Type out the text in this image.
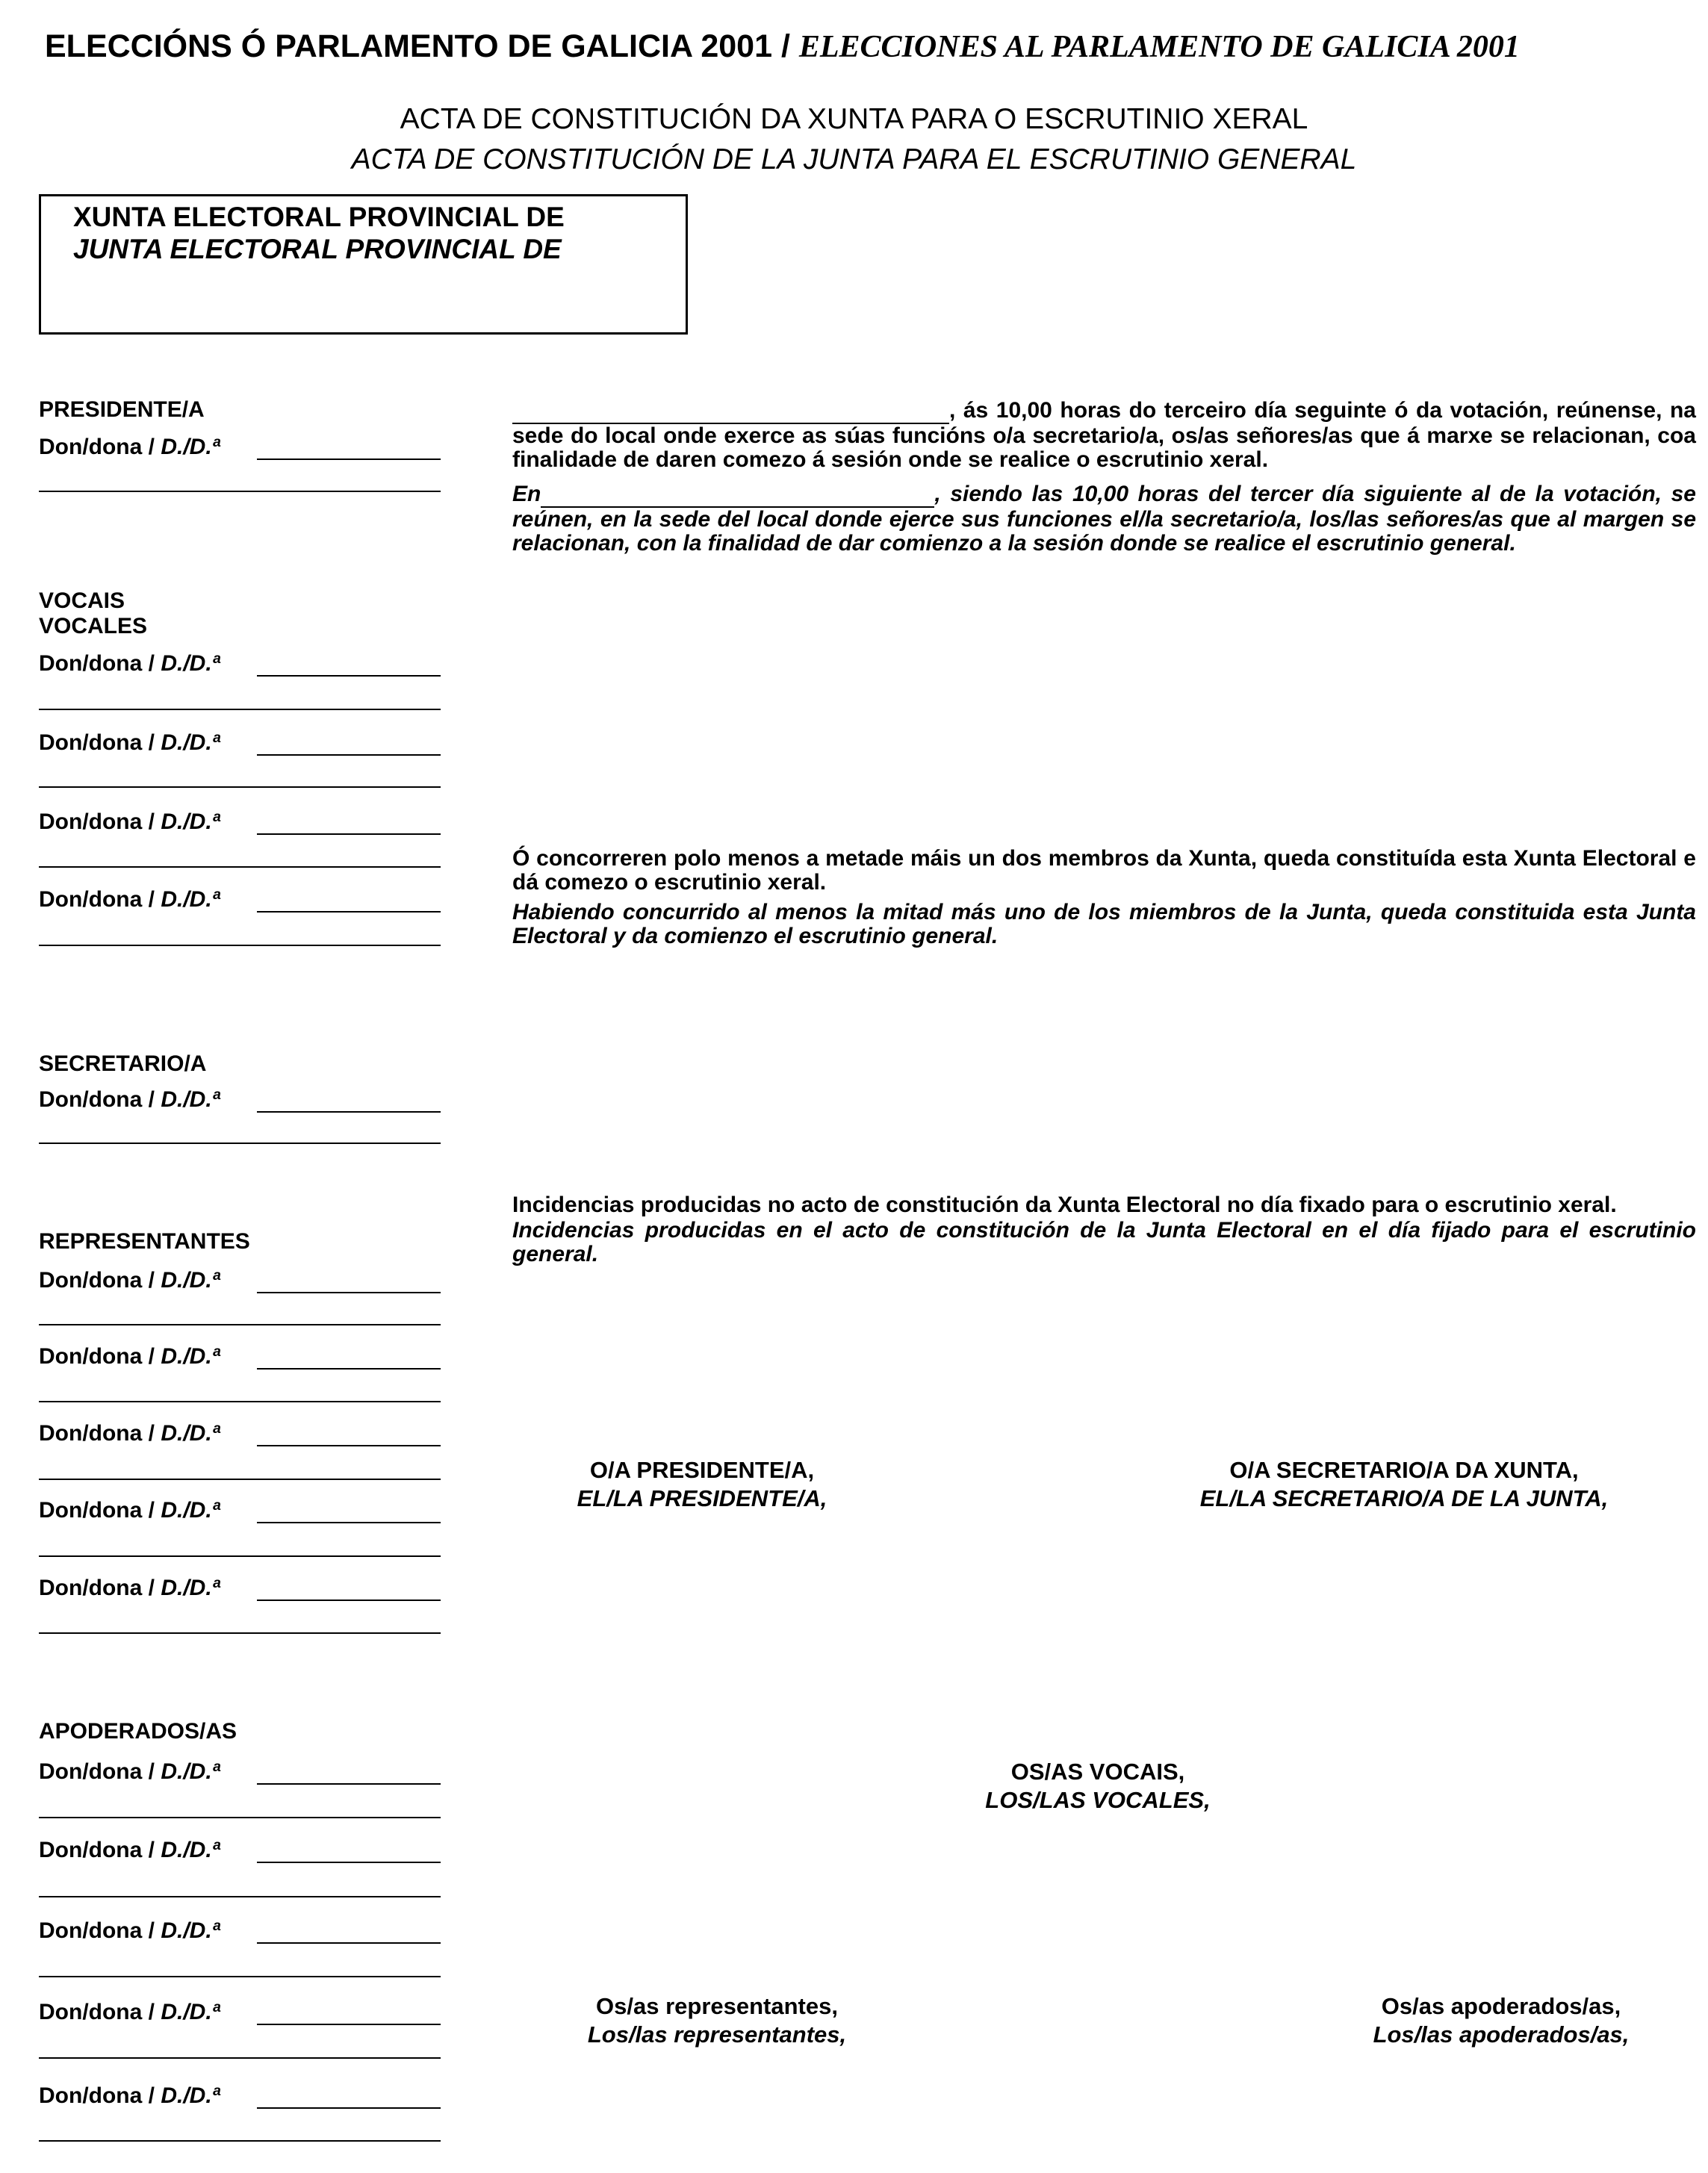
ELECCIÓNS Ó PARLAMENTO DE GALICIA 2001 / ELECCIONES AL PARLAMENTO DE GALICIA 2001
ACTA DE CONSTITUCIÓN DA XUNTA PARA O ESCRUTINIO XERAL
ACTA DE CONSTITUCIÓN DE LA JUNTA PARA EL ESCRUTINIO GENERAL
XUNTA ELECTORAL PROVINCIAL DE
JUNTA ELECTORAL PROVINCIAL DE
PRESIDENTE/A
VOCAIS
VOCALES
SECRETARIO/A
REPRESENTANTES
APODERADOS/AS
Don/dona / D./D.ª
Don/dona / D./D.ª
Don/dona / D./D.ª
Don/dona / D./D.ª
Don/dona / D./D.ª
Don/dona / D./D.ª
Don/dona / D./D.ª
Don/dona / D./D.ª
Don/dona / D./D.ª
Don/dona / D./D.ª
Don/dona / D./D.ª
Don/dona / D./D.ª
Don/dona / D./D.ª
Don/dona / D./D.ª
Don/dona / D./D.ª
Don/dona / D./D.ª
, ás 10,00 horas do terceiro día seguinte ó da votación, reúnense, na sede do local onde exerce as súas funcións o/a secretario/a, os/as señores/as que á marxe se relacionan, coa finalidade de daren comezo á sesión onde se realice o escrutinio xeral.
En	, siendo las 10,00 horas del tercer día siguiente al de la votación, se reúnen, en la sede del local donde ejerce sus funciones el/la secretario/a, los/las señores/as que al margen se relacionan, con la finalidad de dar comienzo a la sesión donde se realice el escrutinio general.
Ó concorreren polo menos a metade máis un dos membros da Xunta, queda constituída esta Xunta Electoral e dá comezo o escrutinio xeral.
Habiendo concurrido al menos la mitad más uno de los miembros de la Junta, queda constituida esta Junta Electoral y da comienzo el escrutinio general.
Incidencias producidas no acto de constitución da Xunta Electoral no día fixado para o escrutinio xeral.
Incidencias producidas en el acto de constitución de la Junta Electoral en el día fijado para el escrutinio general.
O/A PRESIDENTE/A,
EL/LA PRESIDENTE/A,
O/A SECRETARIO/A DA XUNTA,
EL/LA SECRETARIO/A DE LA JUNTA,
OS/AS VOCAIS,
LOS/LAS VOCALES,
Os/as representantes,
Los/las representantes,
Os/as apoderados/as,
Los/las apoderados/as,
